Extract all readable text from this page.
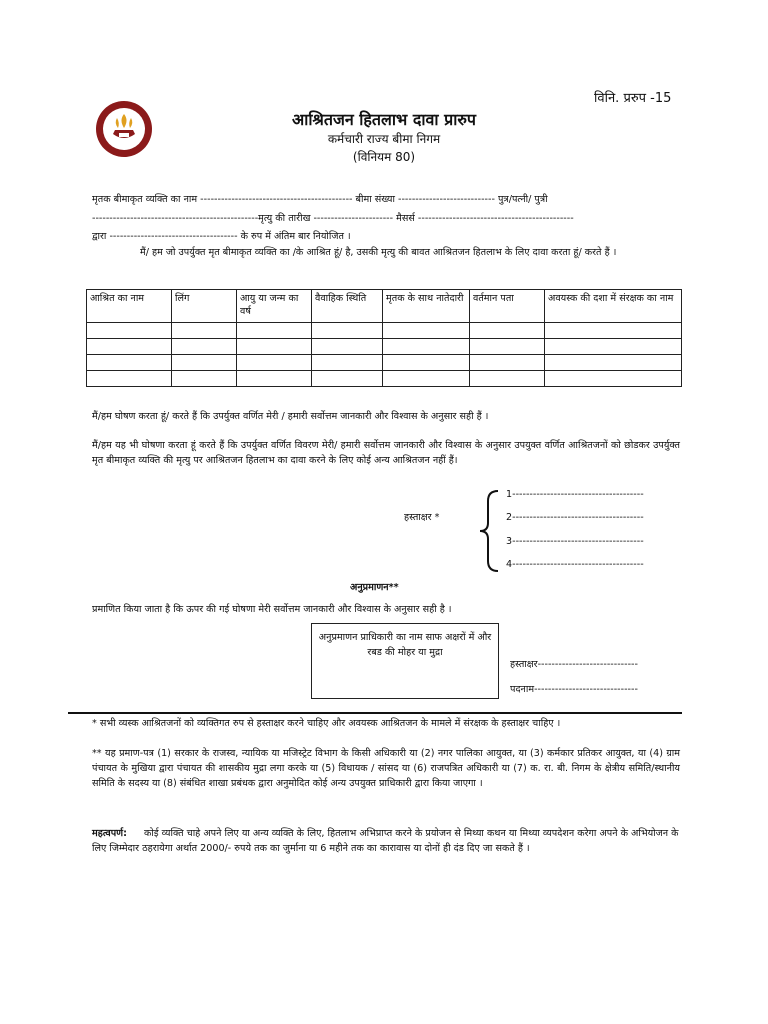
विनि. प्ररुप -15
आश्रितजन हितलाभ दावा प्रारुप
कर्मचारी राज्य बीमा निगम
(विनियम 80)
मृतक बीमाकृत व्यक्ति का नाम -------------------------------------------- बीमा संख्या ---------------------------- पुत्र/पत्नी/ पुत्री
------------------------------------------------मृत्यु की तारीख ----------------------- मैसर्स ---------------------------------------------
द्वारा ------------------------------------- के रुप में अंतिम बार नियोजित ।
मैं/ हम जो उपर्युक्त मृत बीमाकृत व्यक्ति का /के आश्रित हूं/ है, उसकी मृत्यु की बावत आश्रितजन हितलाभ के लिए दावा करता हूं/ करते हैं ।
आश्रित का नाम	लिंग	आयु या जन्म का वर्ष	वैवाहिक स्थिति	मृतक के साथ नातेदारी	वर्तमान पता	अवयस्क की दशा में संरक्षक का नाम

मैं/हम घोषण करता हूं/ करते हैं कि उपर्युक्त वर्णित मेरी / हमारी सर्वोत्तम जानकारी और विश्वास के अनुसार सही हैं ।
मैं/हम यह भी घोषणा करता हूं करते हैं कि उपर्युक्त वर्णित विवरण मेरी/ हमारी सर्वोत्तम जानकारी और विश्वास के अनुसार उपयुक्त वर्णित आश्रितजनों को छोडकर उपर्युक्त मृत बीमाकृत व्यक्ति की मृत्यु पर आश्रितजन हितलाभ का दावा करने के लिए कोई अन्य आश्रितजन नहीं हैं।
हस्ताक्षर *
1--------------------------------------
2--------------------------------------
3--------------------------------------
4--------------------------------------
अनुप्रमाणन**
प्रमाणित किया जाता है कि ऊपर की गई घोषणा मेरी सर्वोत्तम जानकारी और विश्वास के अनुसार सही है ।
अनुप्रमाणन प्राधिकारी का नाम साफ अक्षरों में और रबड की मोहर या मुद्रा
हस्ताक्षर-----------------------------
पदनाम------------------------------
* सभी व्यस्क आश्रितजनों को व्यक्तिगत रुप से हस्ताक्षर करने चाहिए और अवयस्क आश्रितजन के मामले में संरक्षक के हस्ताक्षर चाहिए ।
** यह प्रमाण-पत्र (1) सरकार के राजस्व, न्यायिक या मजिस्ट्रेट विभाग के किसी अधिकारी या (2) नगर पालिका आयुक्त, या (3) कर्मकार प्रतिकर आयुक्त, या (4) ग्राम पंचायत के मुखिया द्वारा पंचायत की शासकीय मुद्रा लगा करके या (5) विधायक / सांसद या (6) राजपत्रित अधिकारी या (7) क. रा. बी. निगम के क्षेत्रीय समिति/स्थानीय समिति के सदस्य या (8) संबंधित शाखा प्रबंधक द्वारा अनुमोदित कोई अन्य उपयुक्त प्राधिकारी द्वारा किया जाएगा ।
महत्वपर्ण:	कोई व्यक्ति चाहे अपने लिए या अन्य व्यक्ति के लिए, हितलाभ अभिप्राप्त करने के प्रयोजन से मिथ्या कथन या मिथ्या व्यपदेशन करेगा अपने के अभियोजन के लिए जिम्मेदार ठहरायेगा अर्थात 2000/- रुपये तक का जुर्माना या 6 महीने तक का कारावास या दोनों ही दंड दिए जा सकते हैं ।
